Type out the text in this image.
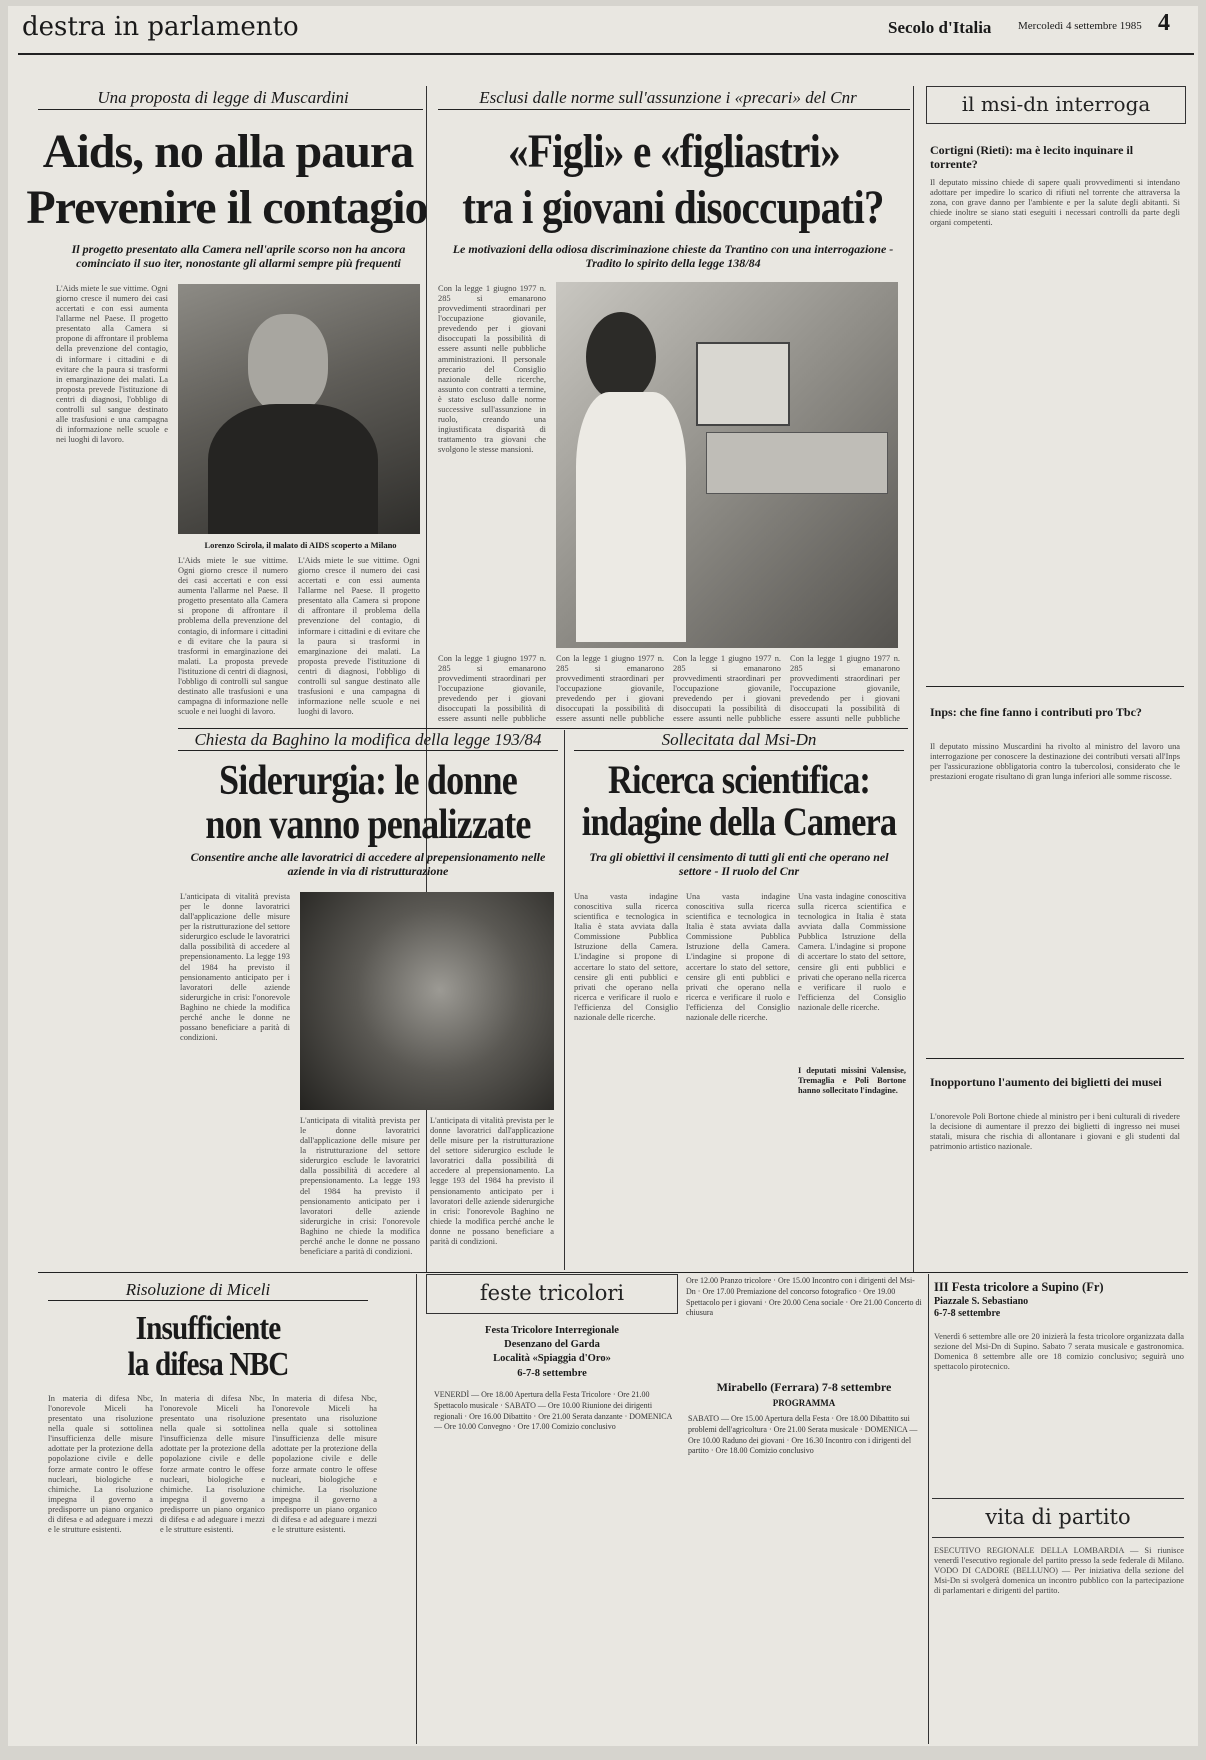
destra in parlamento	Secolo d'Italia Mercoledì 4 settembre 1985 4
Una proposta di legge di Muscardini
Aids, no alla paura
Prevenire il contagio
Il progetto presentato alla Camera nell'aprile scorso non ha ancora cominciato il suo iter, nonostante gli allarmi sempre più frequenti
Lorenzo Scirola, il malato di AIDS scoperto a Milano
L'Aids miete le sue vittime. Ogni giorno cresce il numero dei casi accertati e con essi aumenta l'allarme nel Paese. Il progetto presentato alla Camera si propone di affrontare il problema della prevenzione del contagio, di informare i cittadini e di evitare che la paura si trasformi in emarginazione dei malati. La proposta prevede l'istituzione di centri di diagnosi, l'obbligo di controlli sul sangue destinato alle trasfusioni e una campagna di informazione nelle scuole e nei luoghi di lavoro.
L'Aids miete le sue vittime. Ogni giorno cresce il numero dei casi accertati e con essi aumenta l'allarme nel Paese. Il progetto presentato alla Camera si propone di affrontare il problema della prevenzione del contagio, di informare i cittadini e di evitare che la paura si trasformi in emarginazione dei malati. La proposta prevede l'istituzione di centri di diagnosi, l'obbligo di controlli sul sangue destinato alle trasfusioni e una campagna di informazione nelle scuole e nei luoghi di lavoro.
L'Aids miete le sue vittime. Ogni giorno cresce il numero dei casi accertati e con essi aumenta l'allarme nel Paese. Il progetto presentato alla Camera si propone di affrontare il problema della prevenzione del contagio, di informare i cittadini e di evitare che la paura si trasformi in emarginazione dei malati. La proposta prevede l'istituzione di centri di diagnosi, l'obbligo di controlli sul sangue destinato alle trasfusioni e una campagna di informazione nelle scuole e nei luoghi di lavoro.
Esclusi dalle norme sull'assunzione i «precari» del Cnr
«Figli» e «figliastri»
tra i giovani disoccupati?
Le motivazioni della odiosa discriminazione chieste da Trantino con una interrogazione - Tradito lo spirito della legge 138/84
Con la legge 1 giugno 1977 n. 285 si emanarono provvedimenti straordinari per l'occupazione giovanile, prevedendo per i giovani disoccupati la possibilità di essere assunti nelle pubbliche amministrazioni. Il personale precario del Consiglio nazionale delle ricerche, assunto con contratti a termine, è stato escluso dalle norme successive sull'assunzione in ruolo, creando una ingiustificata disparità di trattamento tra giovani che svolgono le stesse mansioni.
Con la legge 1 giugno 1977 n. 285 si emanarono provvedimenti straordinari per l'occupazione giovanile, prevedendo per i giovani disoccupati la possibilità di essere assunti nelle pubbliche
Con la legge 1 giugno 1977 n. 285 si emanarono provvedimenti straordinari per l'occupazione giovanile, prevedendo per i giovani disoccupati la possibilità di essere assunti nelle pubbliche
Con la legge 1 giugno 1977 n. 285 si emanarono provvedimenti straordinari per l'occupazione giovanile, prevedendo per i giovani disoccupati la possibilità di essere assunti nelle pubbliche
Con la legge 1 giugno 1977 n. 285 si emanarono provvedimenti straordinari per l'occupazione giovanile, prevedendo per i giovani disoccupati la possibilità di essere assunti nelle pubbliche
il msi-dn interroga
Cortigni (Rieti): ma è lecito inquinare il torrente?
Il deputato missino chiede di sapere quali provvedimenti si intendano adottare per impedire lo scarico di rifiuti nel torrente che attraversa la zona, con grave danno per l'ambiente e per la salute degli abitanti. Si chiede inoltre se siano stati eseguiti i necessari controlli da parte degli organi competenti.
Inps: che fine fanno i contributi pro Tbc?
Il deputato missino Muscardini ha rivolto al ministro del lavoro una interrogazione per conoscere la destinazione dei contributi versati all'Inps per l'assicurazione obbligatoria contro la tubercolosi, considerato che le prestazioni erogate risultano di gran lunga inferiori alle somme riscosse.
Inopportuno l'aumento dei biglietti dei musei
L'onorevole Poli Bortone chiede al ministro per i beni culturali di rivedere la decisione di aumentare il prezzo dei biglietti di ingresso nei musei statali, misura che rischia di allontanare i giovani e gli studenti dal patrimonio artistico nazionale.
Chiesta da Baghino la modifica della legge 193/84
Siderurgia: le donne
non vanno penalizzate
Consentire anche alle lavoratrici di accedere al prepensionamento nelle aziende in via di ristrutturazione
L'anticipata di vitalità prevista per le donne lavoratrici dall'applicazione delle misure per la ristrutturazione del settore siderurgico esclude le lavoratrici dalla possibilità di accedere al prepensionamento. La legge 193 del 1984 ha previsto il pensionamento anticipato per i lavoratori delle aziende siderurgiche in crisi: l'onorevole Baghino ne chiede la modifica perché anche le donne ne possano beneficiare a parità di condizioni.
L'anticipata di vitalità prevista per le donne lavoratrici dall'applicazione delle misure per la ristrutturazione del settore siderurgico esclude le lavoratrici dalla possibilità di accedere al prepensionamento. La legge 193 del 1984 ha previsto il pensionamento anticipato per i lavoratori delle aziende siderurgiche in crisi: l'onorevole Baghino ne chiede la modifica perché anche le donne ne possano beneficiare a parità di condizioni.
L'anticipata di vitalità prevista per le donne lavoratrici dall'applicazione delle misure per la ristrutturazione del settore siderurgico esclude le lavoratrici dalla possibilità di accedere al prepensionamento. La legge 193 del 1984 ha previsto il pensionamento anticipato per i lavoratori delle aziende siderurgiche in crisi: l'onorevole Baghino ne chiede la modifica perché anche le donne ne possano beneficiare a parità di condizioni.
Sollecitata dal Msi-Dn
Ricerca scientifica:
indagine della Camera
Tra gli obiettivi il censimento di tutti gli enti che operano nel settore - Il ruolo del Cnr
Una vasta indagine conoscitiva sulla ricerca scientifica e tecnologica in Italia è stata avviata dalla Commissione Pubblica Istruzione della Camera. L'indagine si propone di accertare lo stato del settore, censire gli enti pubblici e privati che operano nella ricerca e verificare il ruolo e l'efficienza del Consiglio nazionale delle ricerche.
Una vasta indagine conoscitiva sulla ricerca scientifica e tecnologica in Italia è stata avviata dalla Commissione Pubblica Istruzione della Camera. L'indagine si propone di accertare lo stato del settore, censire gli enti pubblici e privati che operano nella ricerca e verificare il ruolo e l'efficienza del Consiglio nazionale delle ricerche.
Una vasta indagine conoscitiva sulla ricerca scientifica e tecnologica in Italia è stata avviata dalla Commissione Pubblica Istruzione della Camera. L'indagine si propone di accertare lo stato del settore, censire gli enti pubblici e privati che operano nella ricerca e verificare il ruolo e l'efficienza del Consiglio nazionale delle ricerche.
I deputati missini Valensise, Tremaglia e Poli Bortone hanno sollecitato l'indagine.
Risoluzione di Miceli
Insufficiente
la difesa NBC
In materia di difesa Nbc, l'onorevole Miceli ha presentato una risoluzione nella quale si sottolinea l'insufficienza delle misure adottate per la protezione della popolazione civile e delle forze armate contro le offese nucleari, biologiche e chimiche. La risoluzione impegna il governo a predisporre un piano organico di difesa e ad adeguare i mezzi e le strutture esistenti.
In materia di difesa Nbc, l'onorevole Miceli ha presentato una risoluzione nella quale si sottolinea l'insufficienza delle misure adottate per la protezione della popolazione civile e delle forze armate contro le offese nucleari, biologiche e chimiche. La risoluzione impegna il governo a predisporre un piano organico di difesa e ad adeguare i mezzi e le strutture esistenti.
In materia di difesa Nbc, l'onorevole Miceli ha presentato una risoluzione nella quale si sottolinea l'insufficienza delle misure adottate per la protezione della popolazione civile e delle forze armate contro le offese nucleari, biologiche e chimiche. La risoluzione impegna il governo a predisporre un piano organico di difesa e ad adeguare i mezzi e le strutture esistenti.
feste tricolori
Festa Tricolore Interregionale
Desenzano del Garda
Località «Spiaggia d'Oro»
6-7-8 settembre
VENERDÌ — Ore 18.00 Apertura della Festa Tricolore · Ore 21.00 Spettacolo musicale · SABATO — Ore 10.00 Riunione dei dirigenti regionali · Ore 16.00 Dibattito · Ore 21.00 Serata danzante · DOMENICA — Ore 10.00 Convegno · Ore 17.00 Comizio conclusivo
Ore 12.00 Pranzo tricolore · Ore 15.00 Incontro con i dirigenti del Msi-Dn · Ore 17.00 Premiazione del concorso fotografico · Ore 19.00 Spettacolo per i giovani · Ore 20.00 Cena sociale · Ore 21.00 Concerto di chiusura
Mirabello (Ferrara) 7-8 settembre
PROGRAMMA
SABATO — Ore 15.00 Apertura della Festa · Ore 18.00 Dibattito sui problemi dell'agricoltura · Ore 21.00 Serata musicale · DOMENICA — Ore 10.00 Raduno dei giovani · Ore 16.30 Incontro con i dirigenti del partito · Ore 18.00 Comizio conclusivo
III Festa tricolore a Supino (Fr)
Piazzale S. Sebastiano
6-7-8 settembre
Venerdì 6 settembre alle ore 20 inizierà la festa tricolore organizzata dalla sezione del Msi-Dn di Supino. Sabato 7 serata musicale e gastronomica. Domenica 8 settembre alle ore 18 comizio conclusivo; seguirà uno spettacolo pirotecnico.
vita di partito
ESECUTIVO REGIONALE DELLA LOMBARDIA — Si riunisce venerdì l'esecutivo regionale del partito presso la sede federale di Milano. VODO DI CADORE (BELLUNO) — Per iniziativa della sezione del Msi-Dn si svolgerà domenica un incontro pubblico con la partecipazione di parlamentari e dirigenti del partito.
